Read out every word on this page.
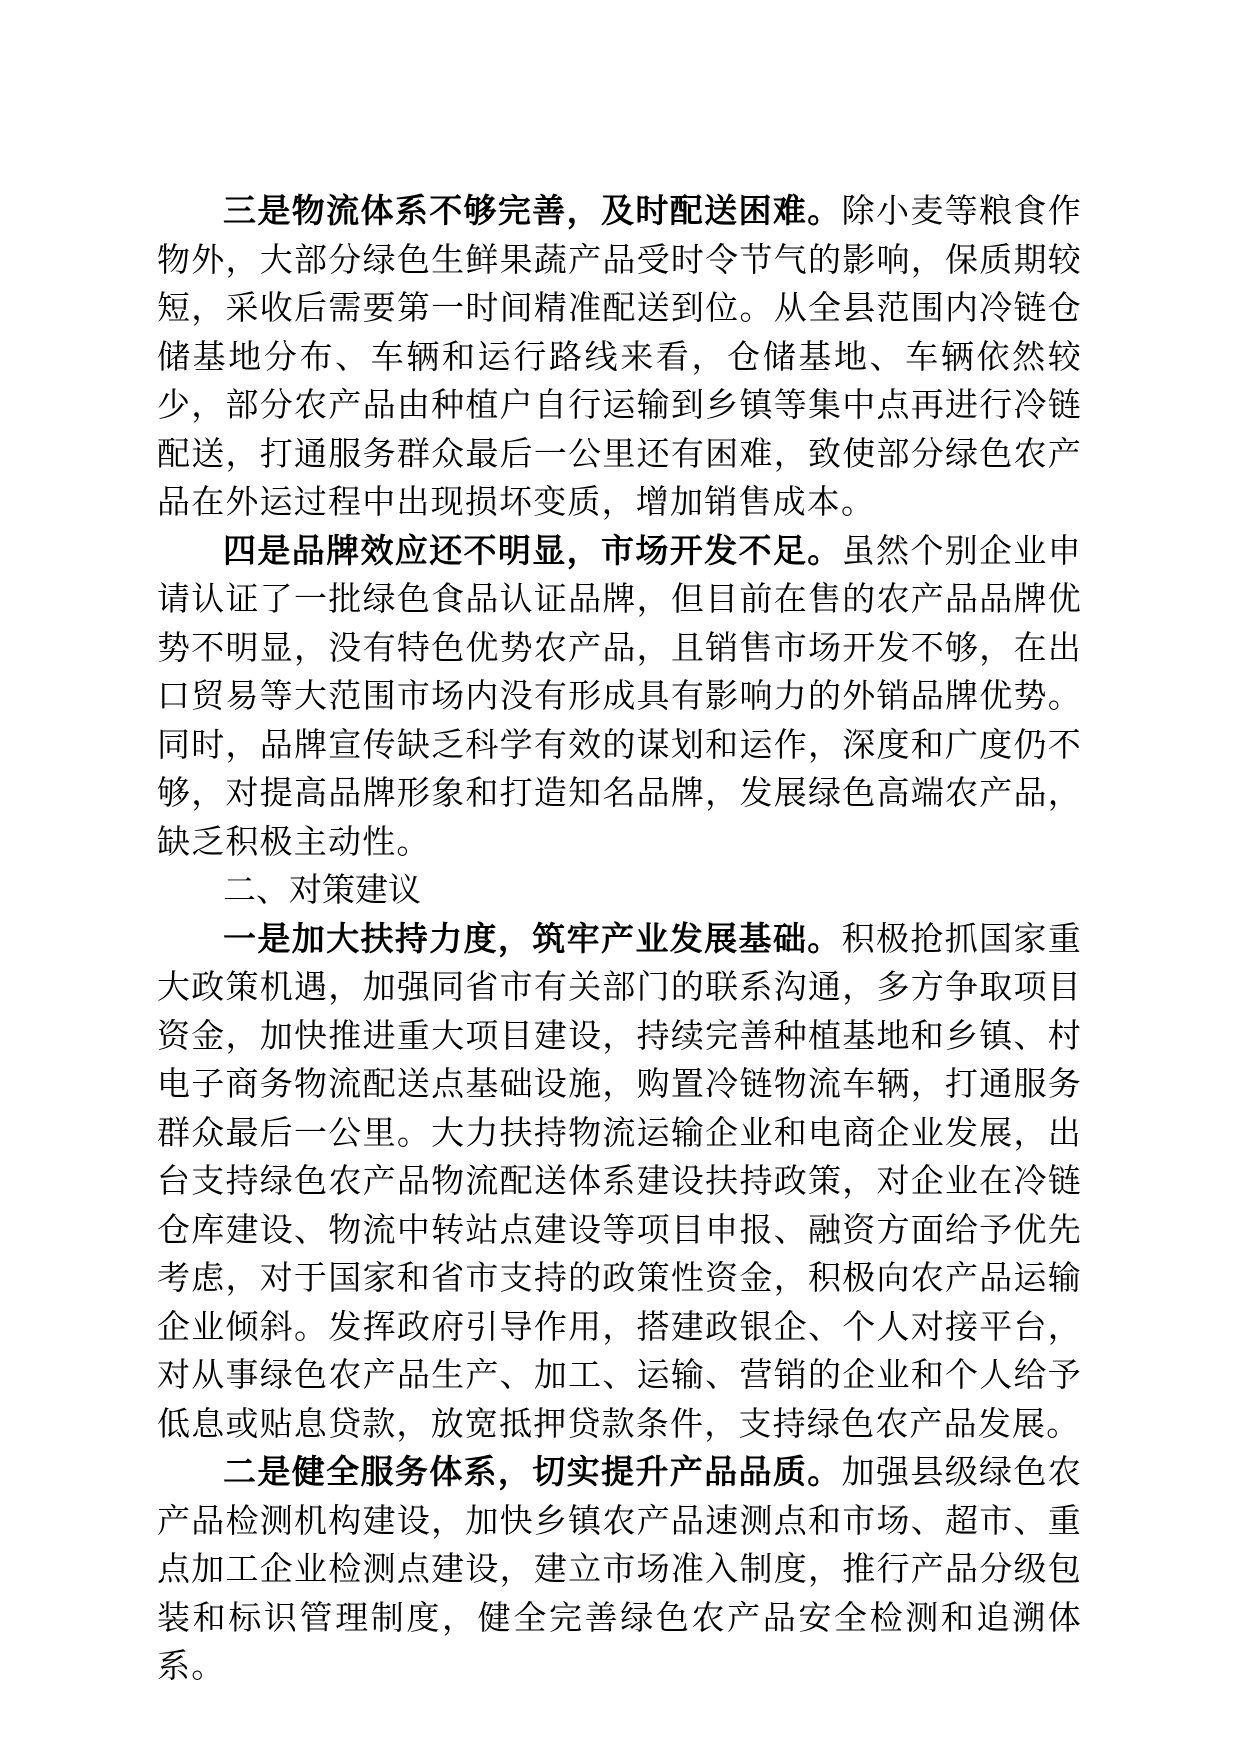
三是物流体系不够完善，及时配送困难。除小麦等粮食作物外，大部分绿色生鲜果蔬产品受时令节气的影响，保质期较短，采收后需要第一时间精准配送到位。从全县范围内冷链仓储基地分布、车辆和运行路线来看，仓储基地、车辆依然较少，部分农产品由种植户自行运输到乡镇等集中点再进行冷链配送，打通服务群众最后一公里还有困难，致使部分绿色农产品在外运过程中出现损坏变质，增加销售成本。

四是品牌效应还不明显，市场开发不足。虽然个别企业申请认证了一批绿色食品认证品牌，但目前在售的农产品品牌优势不明显，没有特色优势农产品，且销售市场开发不够，在出口贸易等大范围市场内没有形成具有影响力的外销品牌优势。同时，品牌宣传缺乏科学有效的谋划和运作，深度和广度仍不够，对提高品牌形象和打造知名品牌，发展绿色高端农产品，缺乏积极主动性。

二、对策建议

一是加大扶持力度，筑牢产业发展基础。积极抢抓国家重大政策机遇，加强同省市有关部门的联系沟通，多方争取项目资金，加快推进重大项目建设，持续完善种植基地和乡镇、村电子商务物流配送点基础设施，购置冷链物流车辆，打通服务群众最后一公里。大力扶持物流运输企业和电商企业发展，出台支持绿色农产品物流配送体系建设扶持政策，对企业在冷链仓库建设、物流中转站点建设等项目申报、融资方面给予优先考虑，对于国家和省市支持的政策性资金，积极向农产品运输企业倾斜。发挥政府引导作用，搭建政银企、个人对接平台，对从事绿色农产品生产、加工、运输、营销的企业和个人给予低息或贴息贷款，放宽抵押贷款条件，支持绿色农产品发展。

二是健全服务体系，切实提升产品品质。加强县级绿色农产品检测机构建设，加快乡镇农产品速测点和市场、超市、重点加工企业检测点建设，建立市场准入制度，推行产品分级包装和标识管理制度，健全完善绿色农产品安全检测和追溯体系。
